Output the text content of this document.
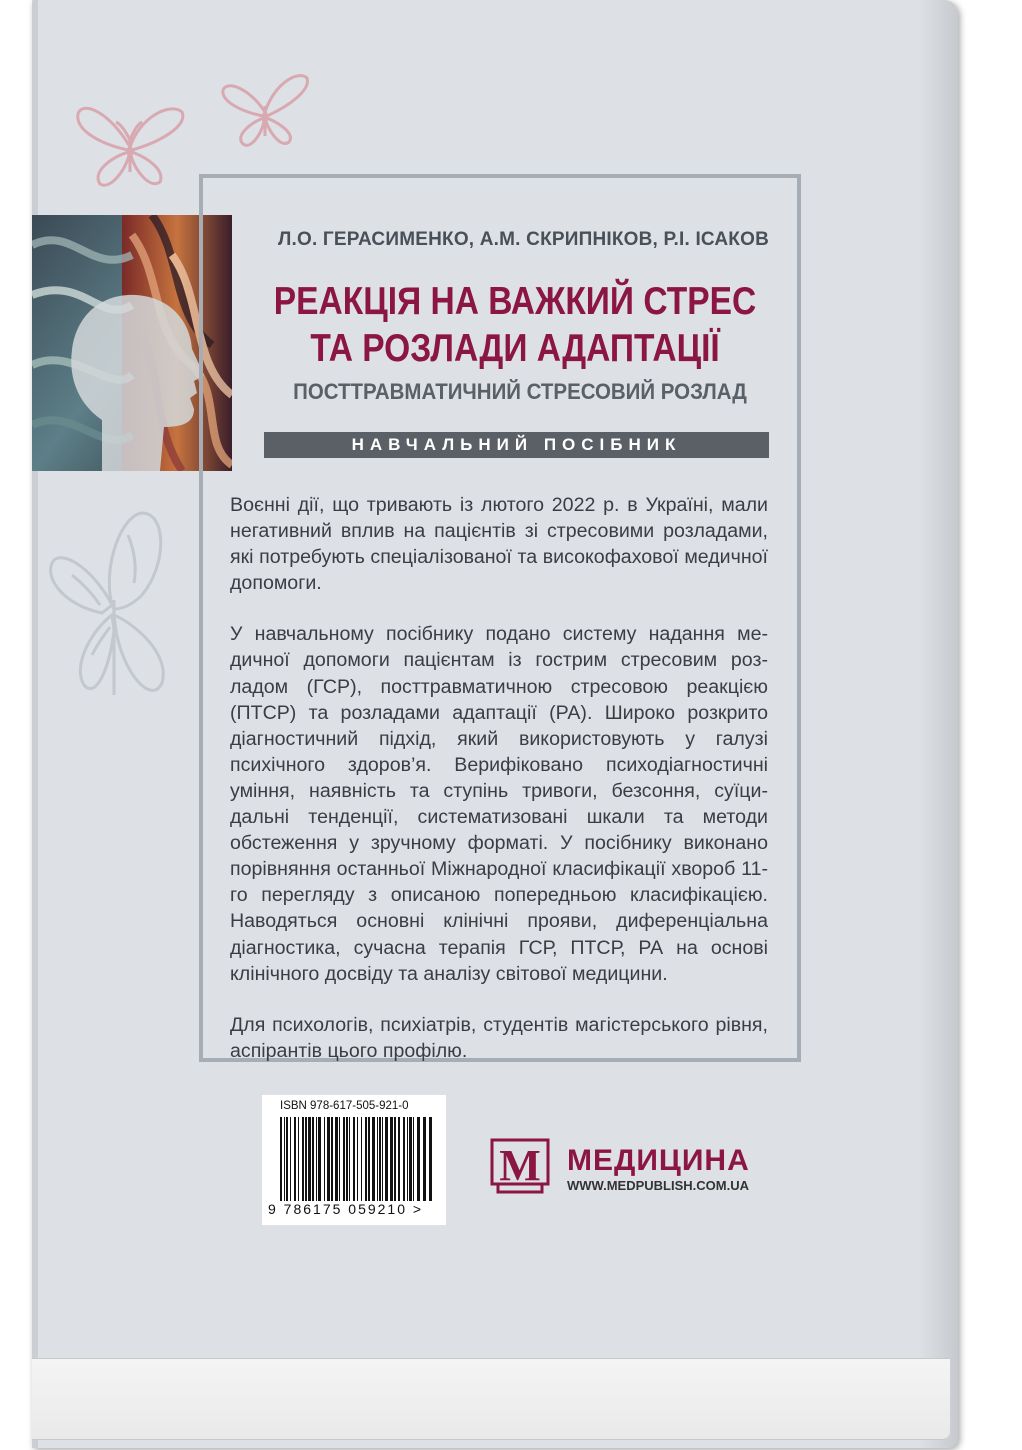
Л.О. ГЕРАСИМЕНКО, А.М. СКРИПНІКОВ, Р.І. ІСАКОВ
РЕАКЦІЯ НА ВАЖКИЙ СТРЕС
ТА РОЗЛАДИ АДАПТАЦІЇ
ПОСТТРАВМАТИЧНИЙ СТРЕСОВИЙ РОЗЛАД
НАВЧАЛЬНИЙ ПОСІБНИК

Воєнні дії, що тривають із лютого 2022 р. в Україні, мали негативний вплив на пацієнтів зі стресовими розладами, які потребують спеціалізованої та високофахової медичної допомоги.

У навчальному посібнику подано систему надання медичної допомоги пацієнтам із гострим стресовим розладом (ГСР), посттравматичною стресовою реакцією (ПТСР) та розладами адаптації (РА). Широко розкрито діагностичний підхід, який використовують у галузі психічного здоров’я. Верифіковано психодіагностичні уміння, наявність та ступінь тривоги, безсоння, суїцидальні тенденції, систематизовані шкали та методи обстеження у зручному форматі. У посібнику виконано порівняння останньої Міжнародної класифікації хвороб 11-го перегляду з описаною попередньою класифікацією. Наводяться основні клінічні прояви, диференціальна діагностика, сучасна терапія ГСР, ПТСР, РА на основі клінічного досвіду та аналізу світової медицини.

Для психологів, психіатрів, студентів магістерського рівня, аспірантів цього профілю.

ISBN 978-617-505-921-0
9 786175 059210 >
М МЕДИЦИНА
WWW.MEDPUBLISH.COM.UA
